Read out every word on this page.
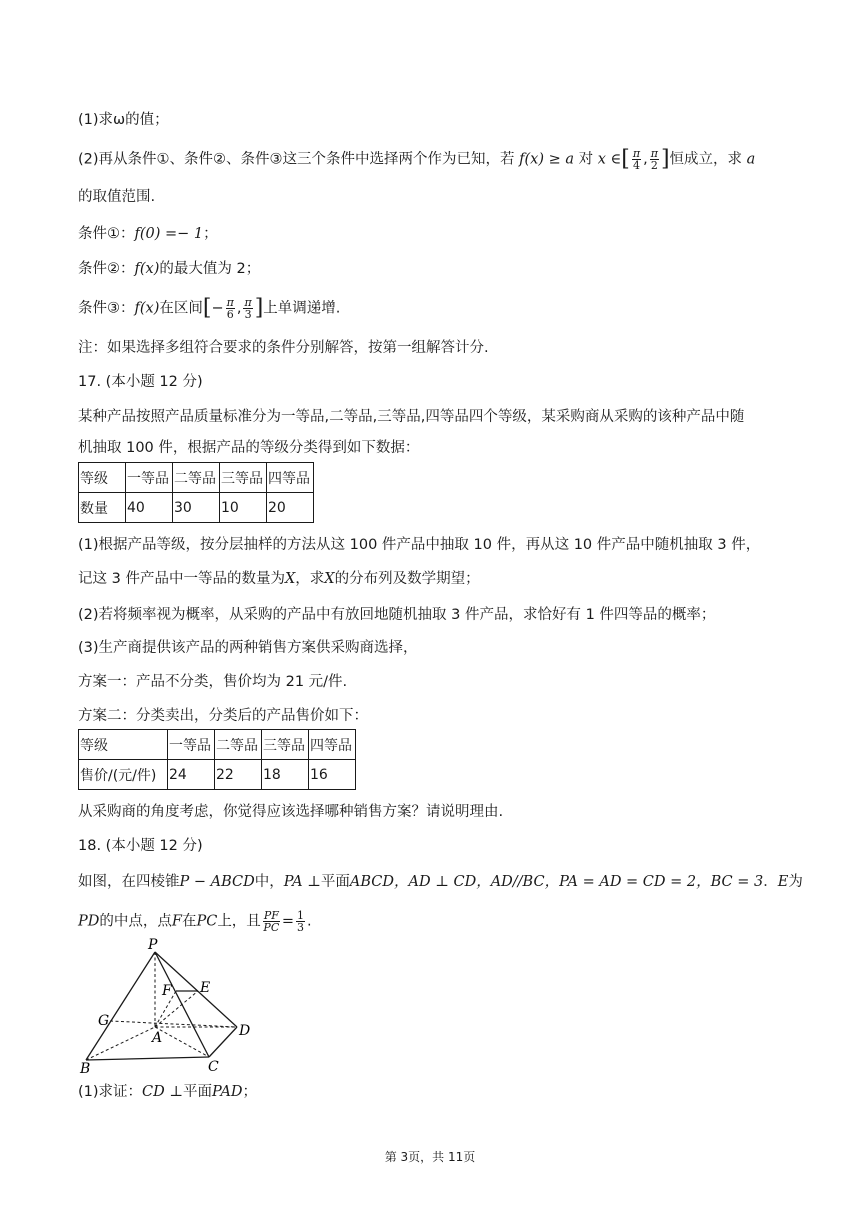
(1)求ω的值；
(2)再从条件①、条件②、条件③这三个条件中选择两个作为已知，若 f(x) ≥ a 对 x ∈[ $\frac{\pi}{4}$ , $\frac{\pi}{2}$ ]恒成立，求 a
的取值范围.
条件①：f(0) =− 1；
条件②：f(x)的最大值为 2；
条件③：f(x)在区间[− $\frac{\pi}{6}$ , $\frac{\pi}{3}$ ]上单调递增.
注：如果选择多组符合要求的条件分别解答，按第一组解答计分.
17. (本小题 12 分)
某种产品按照产品质量标准分为一等品,二等品,三等品,四等品四个等级，某采购商从采购的该种产品中随
机抽取 100 件，根据产品的等级分类得到如下数据：
等级	一等品	二等品	三等品	四等品
数量	40	30	10	20
(1)根据产品等级，按分层抽样的方法从这 100 件产品中抽取 10 件，再从这 10 件产品中随机抽取 3 件，
记这 3 件产品中一等品的数量为X，求X的分布列及数学期望；
(2)若将频率视为概率，从采购的产品中有放回地随机抽取 3 件产品，求恰好有 1 件四等品的概率；
(3)生产商提供该产品的两种销售方案供采购商选择，
方案一：产品不分类，售价均为 21 元/件.
方案二：分类卖出，分类后的产品售价如下：
等级	一等品	二等品	三等品	四等品
售价/(元/件)	24	22	18	16
从采购商的角度考虑，你觉得应该选择哪种销售方案？请说明理由.
18. (本小题 12 分)
如图，在四棱锥P − ABCD中，PA ⊥平面ABCD，AD ⊥ CD，AD//BC，PA = AD = CD = 2，BC = 3．E为
PD的中点，点F在PC上，且 $\frac{PF}{PC} = \frac{1}{3}$ .
P
F E
G
A	D
B	C
(1)求证：CD ⊥平面PAD；
第 3页，共 11页
